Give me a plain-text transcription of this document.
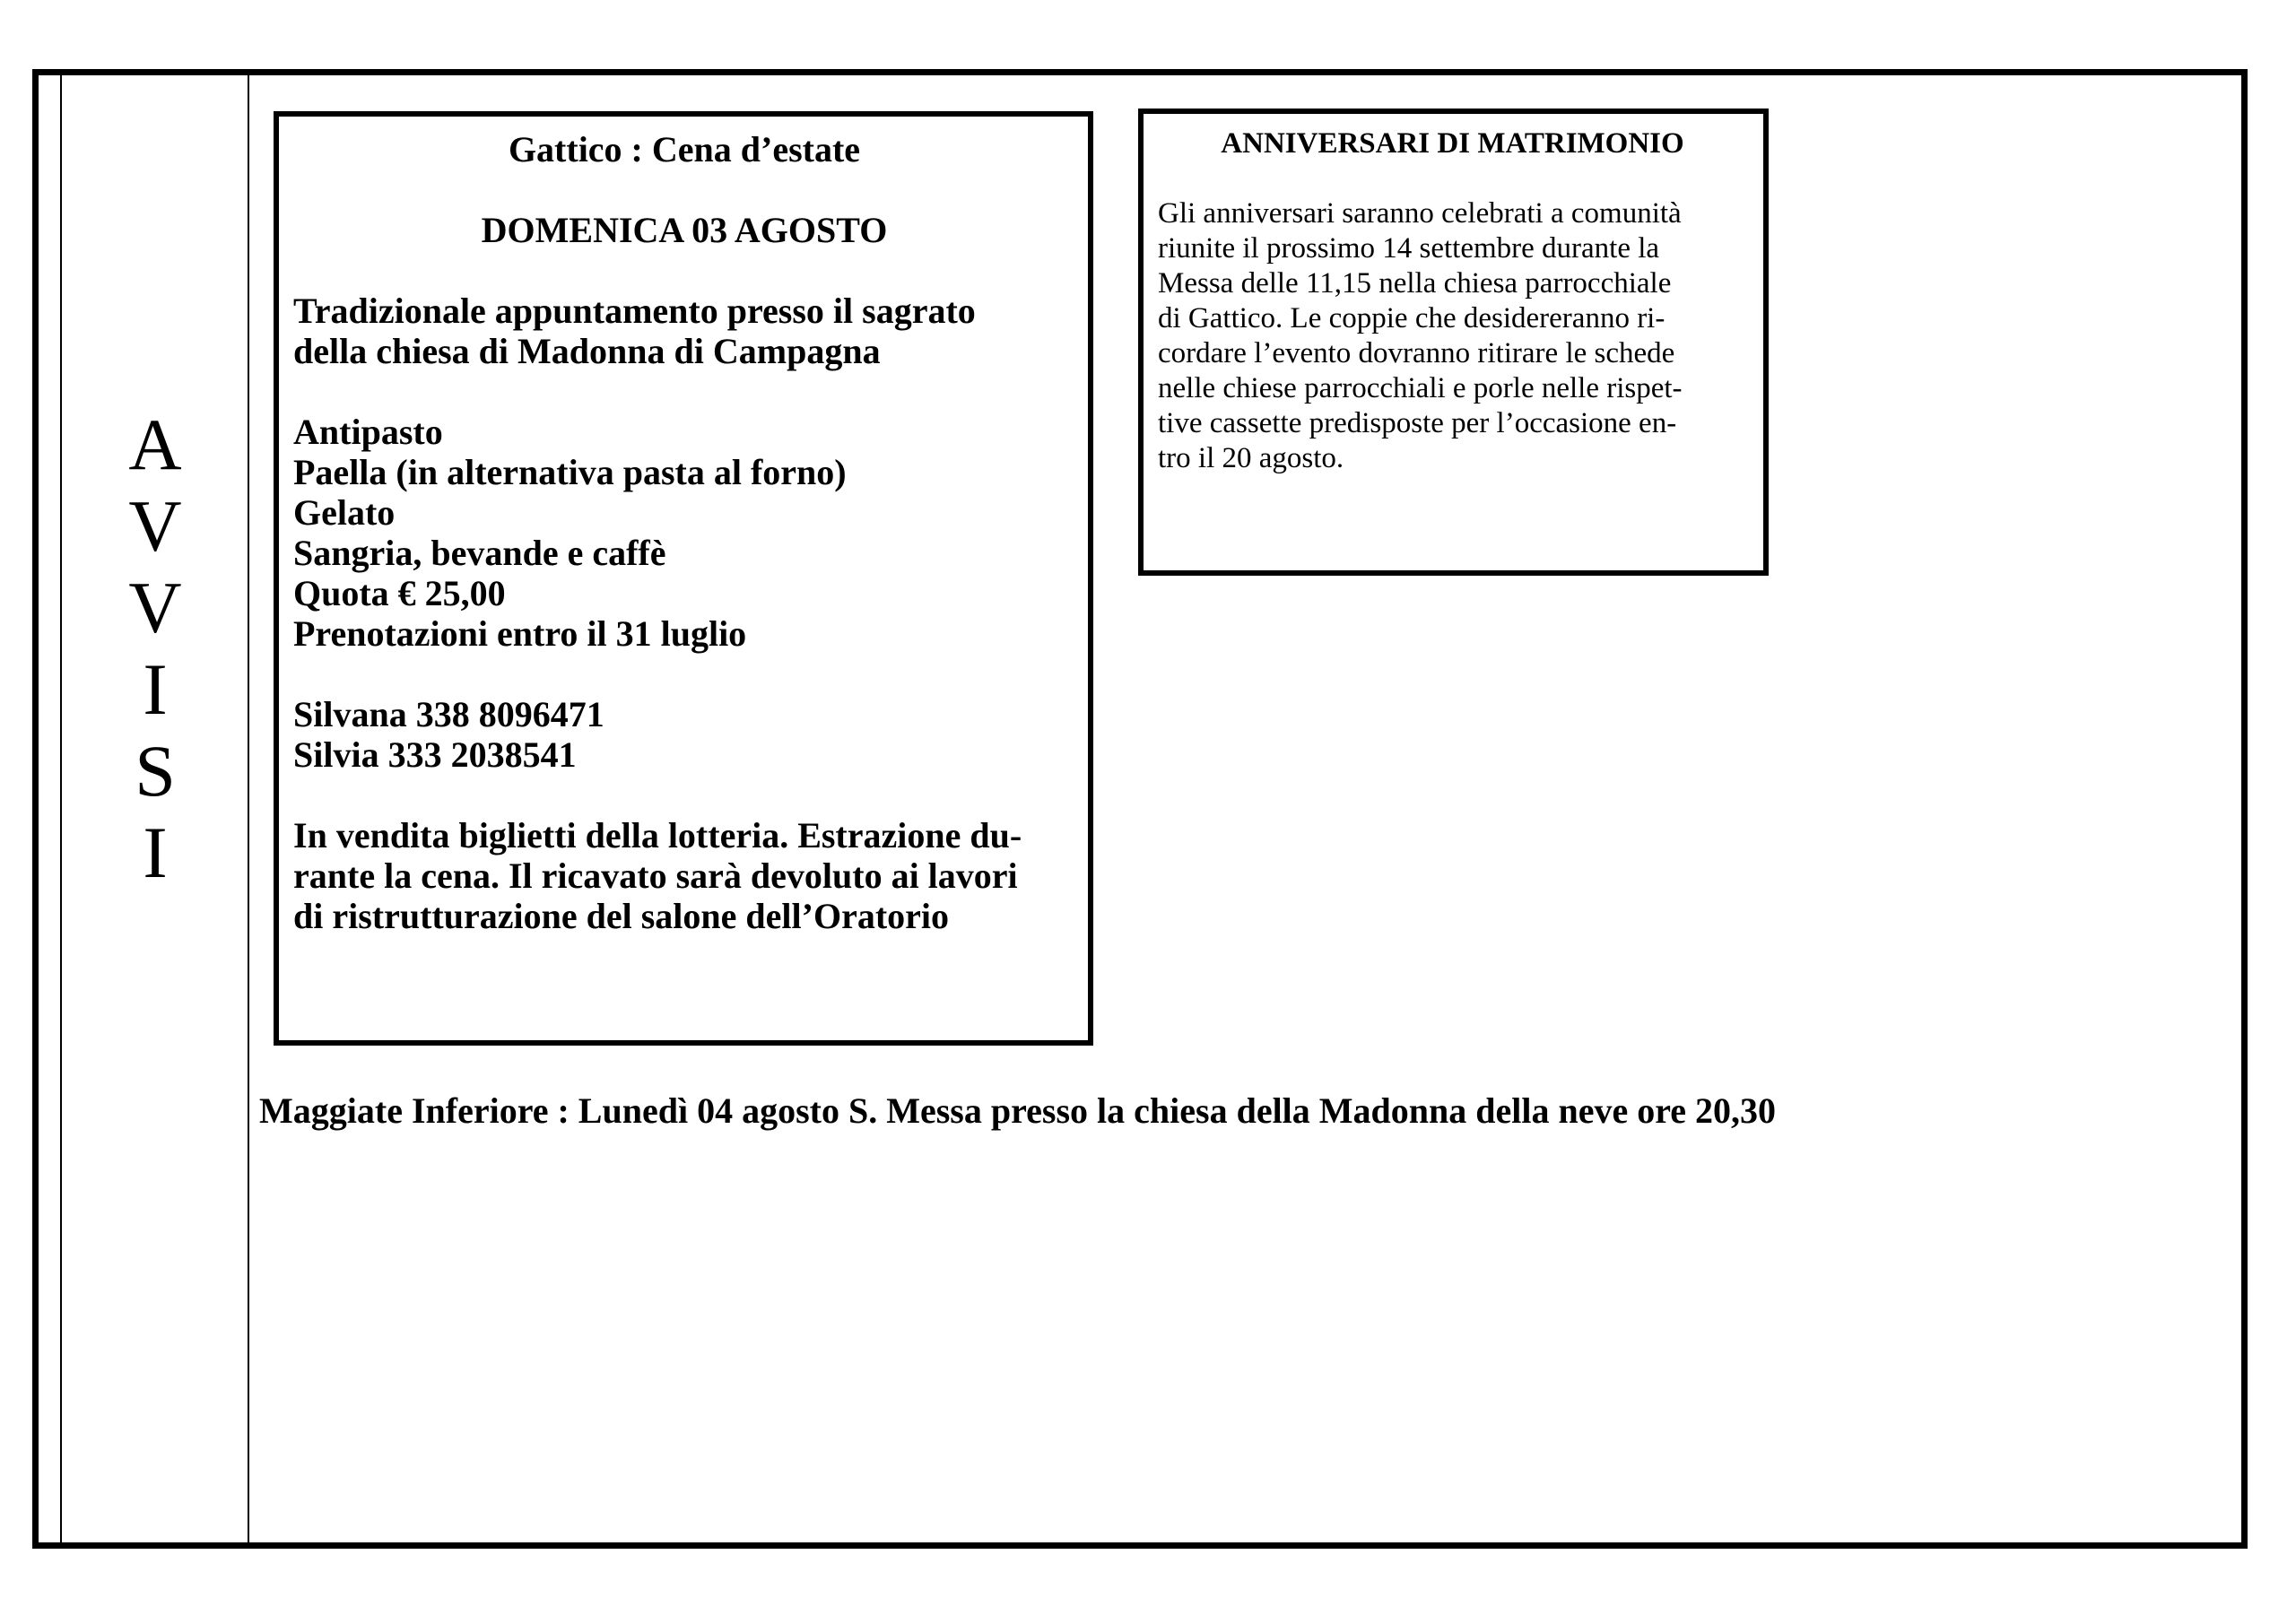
A
V
V
I
S
I
Gattico : Cena d’estate
DOMENICA 03 AGOSTO
Tradizionale appuntamento presso il sagrato
della chiesa di Madonna di Campagna
Antipasto
Paella (in alternativa pasta al forno)
Gelato
Sangria, bevande e caffè
Quota € 25,00
Prenotazioni entro il 31 luglio
Silvana 338 8096471
Silvia 333 2038541
In vendita biglietti della lotteria. Estrazione du-
rante la cena. Il ricavato sarà devoluto ai lavori
di ristrutturazione del salone dell’Oratorio
ANNIVERSARI DI MATRIMONIO
Gli anniversari saranno celebrati a comunità
riunite il prossimo 14 settembre durante la
Messa delle 11,15 nella chiesa parrocchiale
di Gattico. Le coppie che desidereranno ri-
cordare l’evento dovranno ritirare le schede
nelle chiese parrocchiali e porle nelle rispet-
tive cassette predisposte per l’occasione en-
tro il 20 agosto.
Maggiate Inferiore : Lunedì 04 agosto S. Messa presso la chiesa della Madonna della neve ore 20,30
